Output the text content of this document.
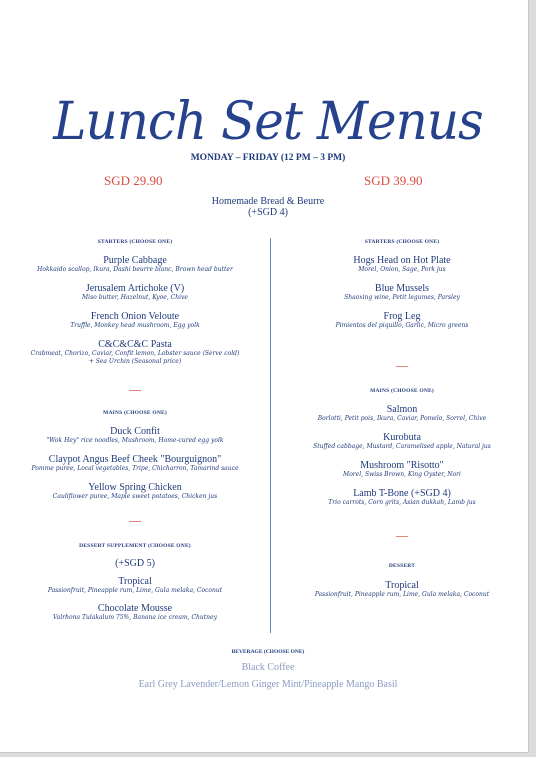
Lunch Set Menus
MONDAY – FRIDAY (12 PM – 3 PM)
SGD 29.90	SGD 39.90
Homemade Bread & Beurre
(+SGD 4)
STARTERS (CHOOSE ONE)
Purple Cabbage
Hokkaido scallop, Ikura, Dashi beurre blanc, Brown head butter
Jerusalem Artichoke (V)
Miso butter, Hazelnut, Kyoe, Chive
French Onion Veloute
Truffle, Monkey head mushroom, Egg yolk
C&C&C&C Pasta
Crabmeat, Chorizo, Caviar, Confit lemon, Lobster sauce (Serve cold)
+ Sea Urchin (Seasonal price)
MAINS (CHOOSE ONE)
Duck Confit
"Wok Hey" rice noodles, Mushroom, Home-cured egg yolk
Claypot Angus Beef Cheek "Bourguignon"
Pomme puree, Local vegetables, Tripe, Chicharron, Tamarind sauce
Yellow Spring Chicken
Cauliflower puree, Maple sweet potatoes, Chicken jus
DESSERT SUPPLEMENT (CHOOSE ONE)
(+SGD 5)
Tropical
Passionfruit, Pineapple rum, Lime, Gula melaka, Coconut
Chocolate Mousse
Valrhona Tulakalum 75%, Banana ice cream, Chutney
STARTERS (CHOOSE ONE)
Hogs Head on Hot Plate
Morel, Onion, Sage, Pork jus
Blue Mussels
Shaoxing wine, Petit legumes, Parsley
Frog Leg
Pimientos del piquillo, Garlic, Micro greens
MAINS (CHOOSE ONE)
Salmon
Borlotti, Petit pois, Ikura, Caviar, Pomelo, Sorrel, Chive
Kurobuta
Stuffed cabbage, Mustard, Caramelised apple, Natural jus
Mushroom "Risotto"
Morel, Swiss Brown, King Oyster, Nori
Lamb T-Bone (+SGD 4)
Trio carrots, Corn grits, Asian dukkah, Lamb jus
DESSERT
Tropical
Passionfruit, Pineapple rum, Lime, Gula melaka, Coconut
BEVERAGE (CHOOSE ONE)
Black Coffee
Earl Grey Lavender/Lemon Ginger Mint/Pineapple Mango Basil
